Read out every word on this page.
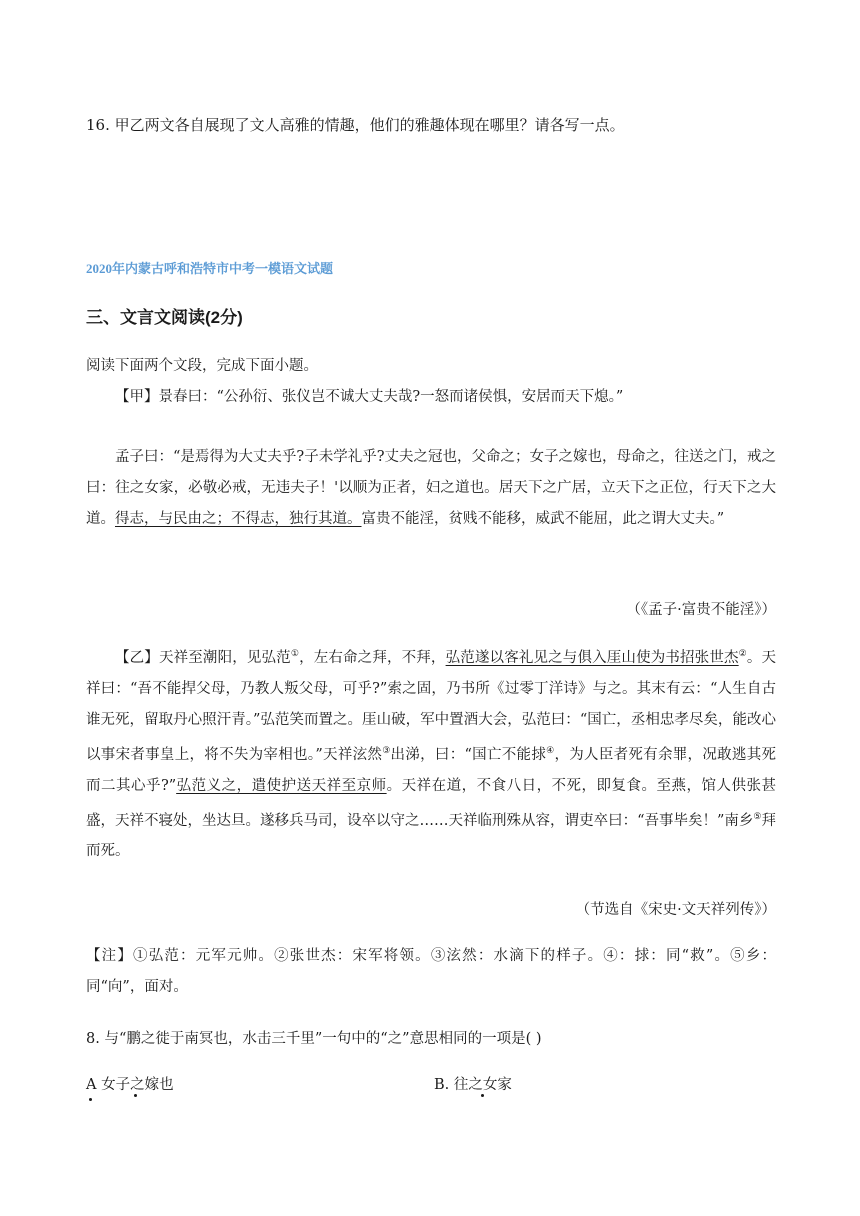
16. 甲乙两文各自展现了文人高雅的情趣，他们的雅趣体现在哪里？请各写一点。
2020年内蒙古呼和浩特市中考一模语文试题
三、文言文阅读(2分)
阅读下面两个文段，完成下面小题。
【甲】景春曰：“公孙衍、张仪岂不诚大丈夫哉?一怒而诸侯惧，安居而天下熄。”
孟子曰：“是焉得为大丈夫乎?子未学礼乎?丈夫之冠也，父命之；女子之嫁也，母命之，往送之门，戒之曰：往之女家，必敬必戒，无违夫子！'以顺为正者，妇之道也。居天下之广居，立天下之正位，行天下之大道。得志，与民由之；不得志，独行其道。富贵不能淫，贫贱不能移，威武不能屈，此之谓大丈夫。”
（《孟子·富贵不能淫》）
【乙】天祥至潮阳，见弘范①，左右命之拜，不拜，弘范遂以客礼见之与俱入厓山使为书招张世杰②。天祥曰：“吾不能捍父母，乃教人叛父母，可乎?”索之固，乃书所《过零丁洋诗》与之。其末有云：“人生自古谁无死，留取丹心照汗青。”弘范笑而置之。厓山破，军中置酒大会，弘范曰：“国亡，丞相忠孝尽矣，能改心以事宋者事皇上，将不失为宰相也。”天祥泫然③出涕，曰：“国亡不能捄④，为人臣者死有余罪，况敢逃其死而二其心乎?”弘范义之，遣使护送天祥至京师。天祥在道，不食八日，不死，即复食。至燕，馆人供张甚盛，天祥不寝处，坐达旦。遂移兵马司，设卒以守之……天祥临刑殊从容，谓吏卒曰：“吾事毕矣！”南乡⑤拜而死。
（节选自《宋史·文天祥列传》）
【注】①弘范：元军元帅。②张世杰：宋军将领。③泫然：水滴下的样子。④：捄：同“救”。⑤乡：同“向”，面对。
8. 与“鹏之徙于南冥也，水击三千里”一句中的“之”意思相同的一项是( )
A 女子之嫁也	B. 往之女家
